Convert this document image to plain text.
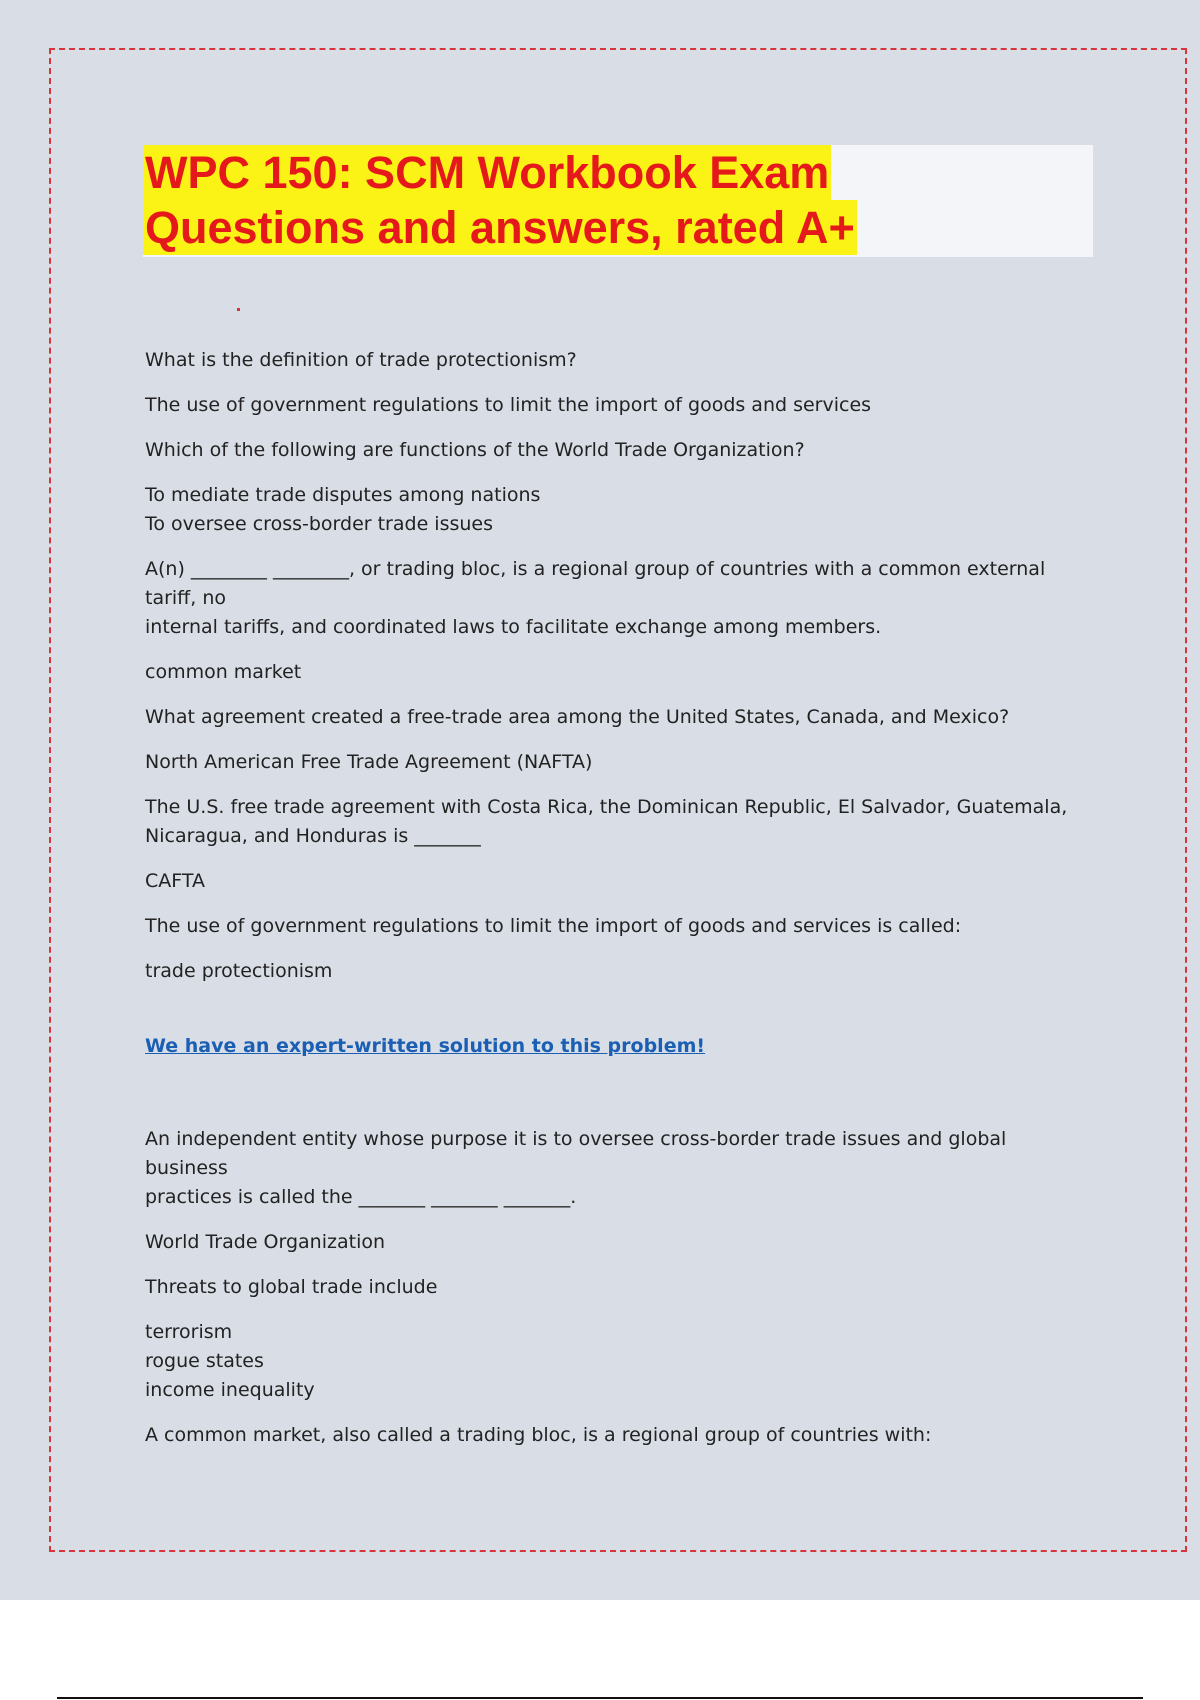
WPC 150: SCM Workbook Exam
Questions and answers, rated A+

What is the definition of trade protectionism?

The use of government regulations to limit the import of goods and services

Which of the following are functions of the World Trade Organization?

To mediate trade disputes among nations
To oversee cross-border trade issues

A(n) ________ ________, or trading bloc, is a regional group of countries with a common external tariff, no
internal tariffs, and coordinated laws to facilitate exchange among members.

common market

What agreement created a free-trade area among the United States, Canada, and Mexico?

North American Free Trade Agreement (NAFTA)

The U.S. free trade agreement with Costa Rica, the Dominican Republic, El Salvador, Guatemala,
Nicaragua, and Honduras is _______

CAFTA

The use of government regulations to limit the import of goods and services is called:

trade protectionism

We have an expert-written solution to this problem!

An independent entity whose purpose it is to oversee cross-border trade issues and global business
practices is called the _______ _______ _______.

World Trade Organization

Threats to global trade include

terrorism
rogue states
income inequality

A common market, also called a trading bloc, is a regional group of countries with:
